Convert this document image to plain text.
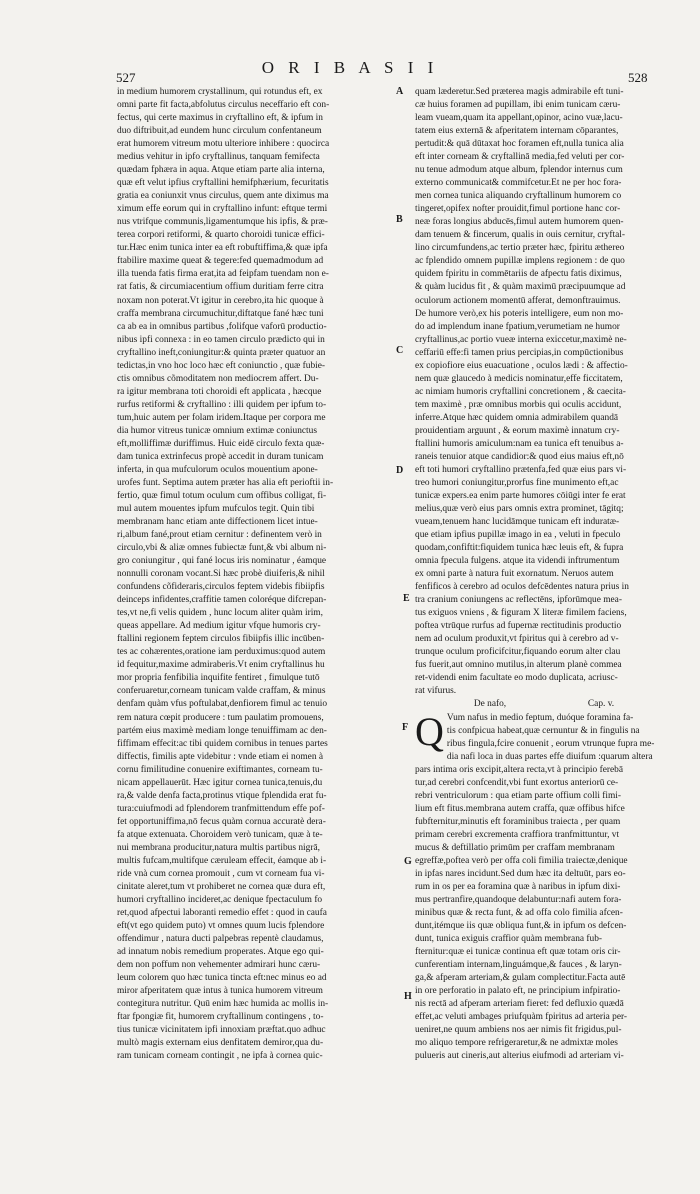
527
O R I B A S I I
528
in medium humorem crystallinum, qui rotundus eft, ex
omni parte fit facta,abfolutus circulus neceffario eft con-
fectus, qui certe maximus in cryftallino eft, & ipfum in
duo diftribuit,ad eundem hunc circulum confentaneum
erat humorem vitreum motu ulteriore inhibere : quocirca
medius vehitur in ipfo cryftallinus, tanquam femifecta
quædam fphæra in aqua. Atque etiam parte alia interna,
quæ eft velut ipfius cryftallini hemifphærium, fecuritatis
gratia ea coniunxit vnus circulus, quem ante diximus ma
ximum effe eorum qui in cryftallino infunt: eftque termi
nus vtrifque communis,ligamentumque his ipfis, & præ-
terea corpori retiformi, & quarto choroidi tunicæ effici-
tur.Hæc enim tunica inter ea eft robuftiffima,& quæ ipfa
ftabilire maxime queat & tegere:fed quemadmodum ad
illa tuenda fatis firma erat,ita ad feipfam tuendam non e-
rat fatis, & circumiacentium offium duritiam ferre citra
noxam non poterat.Vt igitur in cerebro,ita hic quoque à
craffa membrana circumuchitur,diftatque fané hæc tuni
ca ab ea in omnibus partibus ,folifque vaforū productio-
nibus ipfi connexa : in eo tamen circulo prædicto qui in
cryftallino ineft,coniungitur:& quinta præter quatuor an
tedictas,in vno hoc loco hæc eft coniunctio , quæ fubie-
ctis omnibus cõmoditatem non mediocrem affert. Du-
ra igitur membrana toti choroidi eft applicata , hæcque
rurfus retiformi & cryftallino : illi quidem per ipfum to-
tum,huic autem per folam iridem.Itaque per corpora me
dia humor vitreus tunicæ omnium extimæ coniunctus
eft,molliffimæ duriffimus. Huic eidē circulo fexta quæ-
dam tunica extrinfecus propè accedit in duram tunicam
inferta, in qua mufculorum oculos mouentium apone-
urofes funt. Septima autem præter has alia eft perioftii in-
fertio, quæ fimul totum oculum cum offibus colligat, fi-
mul autem mouentes ipfum mufculos tegit. Quin tibi
membranam hanc etiam ante diffectionem licet intue-
ri,album fané,prout etiam cernitur : definentem verò in
circulo,vbi & aliæ omnes fubiectæ funt,& vbi album ni-
gro coniungitur , qui fané locus iris nominatur , éamque
nonnulli coronam vocant.Si hæc probè diuiferis,& nihil
confundens cõfideraris,circulos feptem videbis fibiipfis
deinceps infidentes,craffitie tamen coloréque difcrepan-
tes,vt ne,fi velis quidem , hunc locum aliter quàm irim,
queas appellare. Ad medium igitur vfque humoris cry-
ftallini regionem feptem circulos fibiipfis illic incūben-
tes ac cohærentes,oratione iam perduximus:quod autem
id fequitur,maxime admiraberis.Vt enim cryftallinus hu
mor propria fenfibilia inquifite fentiret , fimulque tutō
conferuaretur,corneam tunicam valde craffam, & minus
denfam quàm vfus poftulabat,denfiorem fimul ac tenuio
rem natura cœpit producere : tum paulatim promouens,
partém eius maximè mediam longe tenuiffimam ac den-
fiffimam effecit:ac tibi quidem cornibus in tenues partes
diffectis, fimilis apte videbitur : vnde etiam ei nomen à
cornu fimilitudine conuenire exiftimantes, corneam tu-
nicam appellauerūt. Hæc igitur cornea tunica,tenuis,du
ra,& valde denfa facta,protinus vtique fplendida erat fu-
tura:cuiufmodi ad fplendorem tranfmittendum effe pof-
fet opportuniffima,nō fecus quàm cornua accuratè dera-
fa atque extenuata. Choroidem verò tunicam, quæ à te-
nui membrana producitur,natura multis partibus nigrā,
multis fufcam,multifque cæruleam effecit, éamque ab i-
ride vnà cum cornea promouit , cum vt corneam fua vi-
cinitate aleret,tum vt prohiberet ne cornea quæ dura eft,
humori cryftallino incideret,ac denique fpectaculum fo
ret,quod afpectui laboranti remedio effet : quod in caufa
eft(vt ego quidem puto) vt omnes quum lucis fplendore
offendimur , natura ducti palpebras repentè claudamus,
ad innatum nobis remedium properates. Atque ego qui-
dem non poffum non vehementer admirari hunc cæru-
leum colorem quo hæc tunica tincta eft:nec minus eo ad
miror afperitatem quæ intus à tunica humorem vitreum
contegitura nutritur. Quū enim hæc humida ac mollis in-
ftar fpongiæ fit, humorem cryftallinum contingens , to-
tius tunicæ vicinitatem ipfi innoxiam præftat.quo adhuc
multò magis externam eius denfitatem demiror,qua du-
ram tunicam corneam contingit , ne ipfa à cornea quic-
A
B
C
D
E
F
G
H
quam læderetur.Sed præterea magis admirabile eft tuni-
cæ huius foramen ad pupillam, ibi enim tunicam cæru-
leam vueam,quam ita appellant,opinor, acino vuæ,lacu-
tatem eius externā & afperitatem internam cōparantes,
pertudit:& quā dūtaxat hoc foramen eft,nulla tunica alia
eft inter corneam & cryftallinā media,fed veluti per cor-
nu tenue admodum atque album, fplendor internus cum
externo communicat& commifcetur.Et ne per hoc fora-
men cornea tunica aliquando cryftallinum humorem co
tingeret,opifex nofter prouidit,fimul portione hanc cor-
neæ foras longius abducēs,fimul autem humorem quen-
dam tenuem & fincerum, qualis in ouis cernitur, cryftal-
lino circumfundens,ac tertio præter hæc, fpiritu æthereo
ac fplendido omnem pupillæ implens regionem : de quo
quidem fpiritu in commētariis de afpectu fatis diximus,
& quàm lucidus fit , & quàm maximū præcipuumque ad
oculorum actionem momentū afferat, demonftrauimus.
De humore verò,ex his poteris intelligere, eum non mo-
do ad implendum inane fpatium,verumetiam ne humor
cryftallinus,ac portio vueæ interna exiccetur,maximè ne-
ceffariū effe:fi tamen prius percipias,in compūctionibus
ex copiofiore eius euacuatione , oculos lædi : & affectio-
nem quæ glaucedo à medicis nominatur,effe ficcitatem,
ac nimiam humoris cryftallini concretionem , & caecita-
tem maximè , præ omnibus morbis qui oculis accidunt,
inferre.Atque hæc quidem omnia admirabilem quandā
prouidentiam arguunt , & eorum maximè innatum cry-
ftallini humoris amiculum:nam ea tunica eft tenuibus a-
raneis tenuior atque candidior:& quod eius maius eft,nō
eft toti humori cryftallino prætenfa,fed quæ eius pars vi-
treo humori coniungitur,prorfus fine munimento eft,ac
tunicæ expers.ea enim parte humores cōiūgi inter fe erat
melius,quæ verò eius pars omnis extra prominet, tāgitq;
vueam,tenuem hanc lucidāmque tunicam eft induratæ-
que etiam ipfius pupillæ imago in ea , veluti in fpeculo
quodam,confiftit:fiquidem tunica hæc leuis eft, & fupra
omnia fpecula fulgens. atque ita videndi inftrumentum
ex omni parte à natura fuit exornatum. Neruos autem
fenfificos à cerebro ad oculos defcēdentes natura prius in
tra cranium coniungens ac reflectēns, ipforūmque mea-
tus exiguos vniens , & figuram X literæ fimilem faciens,
poftea vtrūque rurfus ad fupernæ rectitudinis productio
nem ad oculum produxit,vt fpiritus qui à cerebro ad v-
trunque oculum proficifcitur,fiquando eorum alter clau
fus fuerit,aut omnino mutilus,in alterum planè commea
ret-videndi enim facultate eo modo duplicata, acriusc-
rat vifurus.
De nafo,	Cap. v.
Q Vum nafus in medio feptum, duóque foramina fa-
tis confpicua habeat,quæ cernuntur & in fingulis na
ribus fingula,fcire conuenit , eorum vtrunque fupra me-
dia nafi loca in duas partes effe diuifum :quarum altera
pars intima oris excipit,altera recta,vt à principio ferebā
tur,ad cerebri confcendit,vbi funt exortus anteriorū ce-
rebri ventriculorum : qua etiam parte offium colli fimi-
lium eft fitus.membrana autem craffa, quæ offibus hifce
fubfternitur,minutis eft foraminibus traiecta , per quam
primam cerebri excrementa craffiora tranfmittuntur, vt
mucus & deftillatio primūm per craffam membranam
egreffæ,poftea verò per offa coli fimilia traiectæ,denique
in ipfas nares incidunt.Sed dum hæc ita deltuūt, pars eo-
rum in os per ea foramina quæ à naribus in ipfum dixi-
mus pertranfire,quandoque delabuntur:nafi autem fora-
minibus quæ & recta funt, & ad offa colo fimilia afcen-
dunt,itémque iis quæ obliqua funt,& in ipfum os defcen-
dunt, tunica exiguis craffior quàm membrana fub-
fternitur:quæ ei tunicæ continua eft quæ totam oris cir-
cunferentiam internam,linguámque,& fauces , & laryn-
ga,& afperam arteriam,& gulam complectitur.Facta autē
in ore perforatio in palato eft, ne principium infpiratio-
nis rectā ad afperam arteriam fieret: fed defluxio quædā
effet,ac veluti ambages priufquàm fpiritus ad arteria per-
ueniret,ne quum ambiens nos aer nimis fit frigidus,pul-
mo aliquo tempore refrigeraretur,& ne admixtæ moles
pulueris aut cineris,aut alterius eiufmodi ad arteriam vi-
